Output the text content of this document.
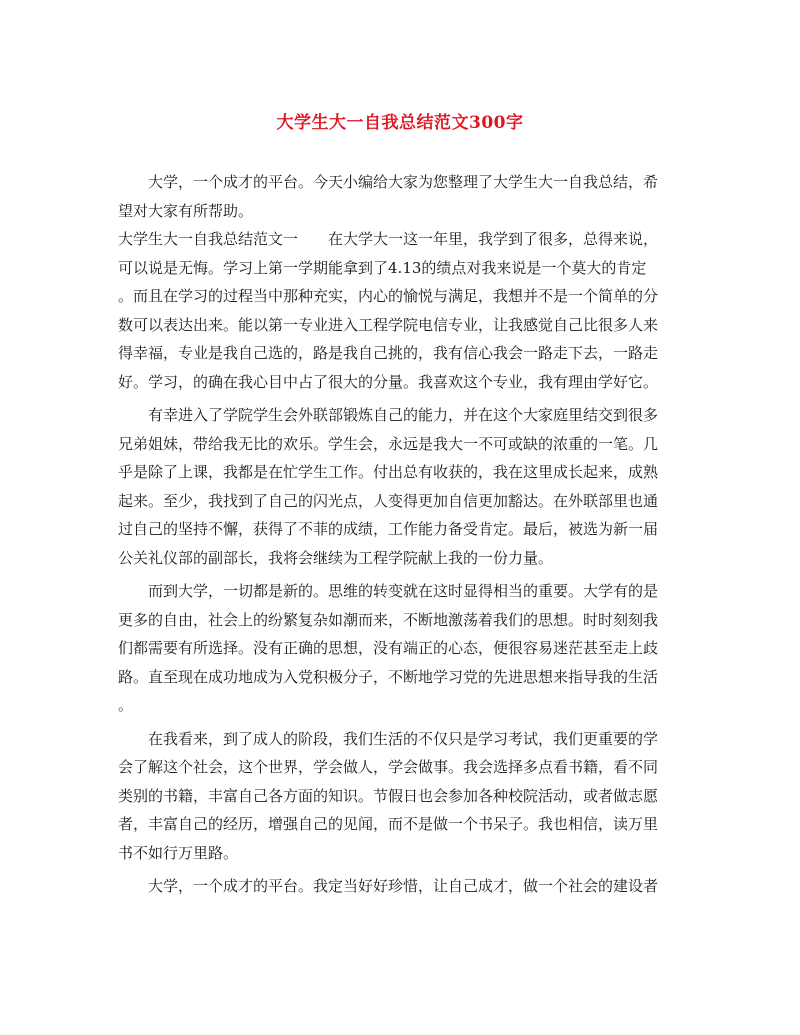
大学生大一自我总结范文300字
大学，一个成才的平台。今天小编给大家为您整理了大学生大一自我总结，希
望对大家有所帮助。
大学生大一自我总结范文一　　在大学大一这一年里，我学到了很多，总得来说，
可以说是无悔。学习上第一学期能拿到了4.13的绩点对我来说是一个莫大的肯定
。而且在学习的过程当中那种充实，内心的愉悦与满足，我想并不是一个简单的分
数可以表达出来。能以第一专业进入工程学院电信专业，让我感觉自己比很多人来
得幸福，专业是我自己选的，路是我自己挑的，我有信心我会一路走下去，一路走
好。学习，的确在我心目中占了很大的分量。我喜欢这个专业，我有理由学好它。
有幸进入了学院学生会外联部锻炼自己的能力，并在这个大家庭里结交到很多
兄弟姐妹，带给我无比的欢乐。学生会，永远是我大一不可或缺的浓重的一笔。几
乎是除了上课，我都是在忙学生工作。付出总有收获的，我在这里成长起来，成熟
起来。至少，我找到了自己的闪光点，人变得更加自信更加豁达。在外联部里也通
过自己的坚持不懈，获得了不菲的成绩，工作能力备受肯定。最后，被选为新一届
公关礼仪部的副部长，我将会继续为工程学院献上我的一份力量。
而到大学，一切都是新的。思维的转变就在这时显得相当的重要。大学有的是
更多的自由，社会上的纷繁复杂如潮而来，不断地激荡着我们的思想。时时刻刻我
们都需要有所选择。没有正确的思想，没有端正的心态，便很容易迷茫甚至走上歧
路。直至现在成功地成为入党积极分子，不断地学习党的先进思想来指导我的生活
。
在我看来，到了成人的阶段，我们生活的不仅只是学习考试，我们更重要的学
会了解这个社会，这个世界，学会做人，学会做事。我会选择多点看书籍，看不同
类别的书籍，丰富自己各方面的知识。节假日也会参加各种校院活动，或者做志愿
者，丰富自己的经历，增强自己的见闻，而不是做一个书呆子。我也相信，读万里
书不如行万里路。
大学，一个成才的平台。我定当好好珍惜，让自己成才，做一个社会的建设者
